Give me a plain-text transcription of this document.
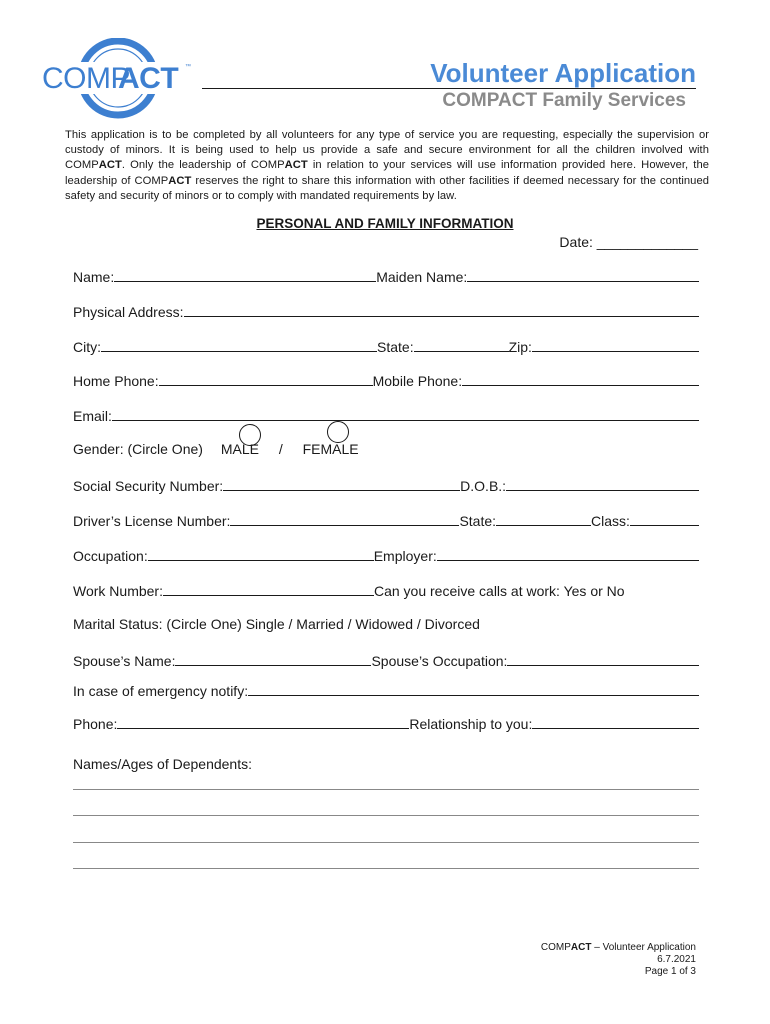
COMP
ACT ™	Volunteer Application
COMPACT Family Services
This application is to be completed by all volunteers for any type of service you are requesting, especially the supervision or custody of minors. It is being used to help us provide a safe and secure environment for all the children involved with COMPACT. Only the leadership of COMPACT in relation to your services will use information provided here. However, the leadership of COMPACT reserves the right to share this information with other facilities if deemed necessary for the continued safety and security of minors or to comply with mandated requirements by law.
PERSONAL AND FAMILY INFORMATION
Date: _____________
Name:	Maiden Name:
Physical Address:
City:	State:	Zip:
Home Phone:	Mobile Phone:
Email:
Gender: (Circle One) MALE / FEMALE
Social Security Number:	D.O.B.:
Driver’s License Number:	State:	Class:
Occupation:	Employer:
Work Number:	Can you receive calls at work: Yes or No
Marital Status: (Circle One) Single / Married / Widowed / Divorced
Spouse’s Name:	Spouse’s Occupation:
In case of emergency notify:
Phone:	Relationship to you:
Names/Ages of Dependents:
COMPACT – Volunteer Application
6.7.2021
Page 1 of 3
